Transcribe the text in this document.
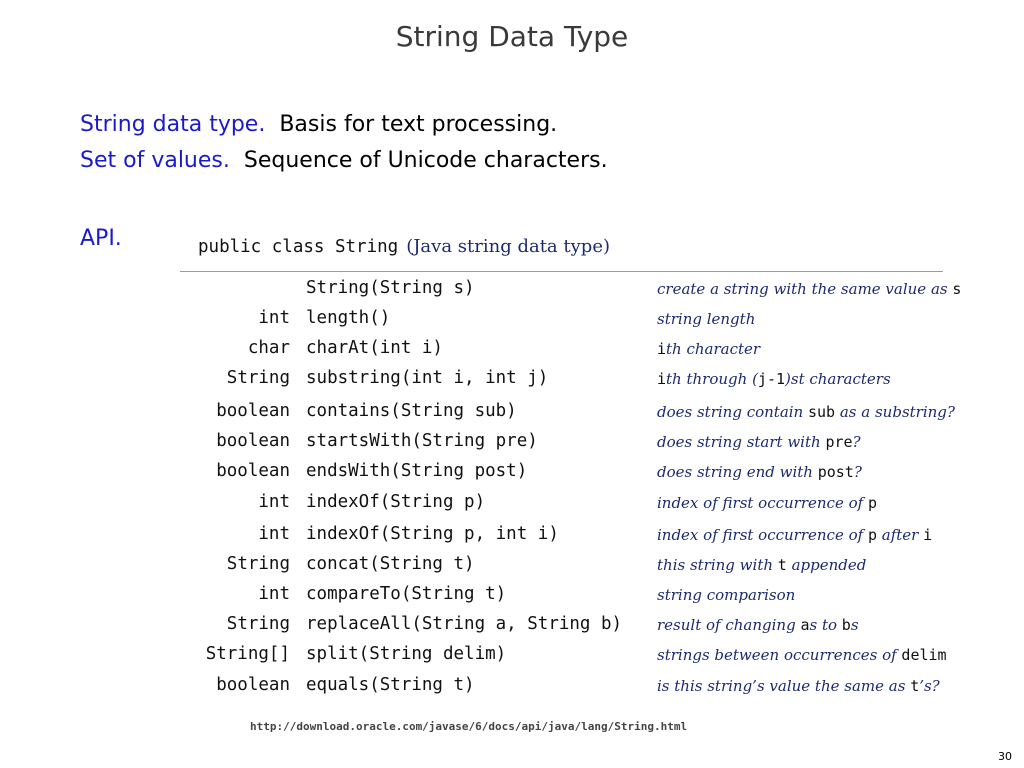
String Data Type
String data type. Basis for text processing.
Set of values. Sequence of Unicode characters.
API.	public class String (Java string data type)
String(String s)	create a string with the same value as s
int length()	string length
char charAt(int i)	ith character
String substring(int i, int j)	ith through (j-1)st characters
boolean contains(String sub)	does string contain sub as a substring?
boolean startsWith(String pre)	does string start with pre?
boolean endsWith(String post)	does string end with post?
int indexOf(String p)	index of first occurrence of p
int indexOf(String p, int i)	index of first occurrence of p after i
String concat(String t)	this string with t appended
int compareTo(String t)	string comparison
String replaceAll(String a, String b) result of changing as to bs
String[] split(String delim)	strings between occurrences of delim
boolean equals(String t)	is this string’s value the same as t’s?
http://download.oracle.com/javase/6/docs/api/java/lang/String.html
30
